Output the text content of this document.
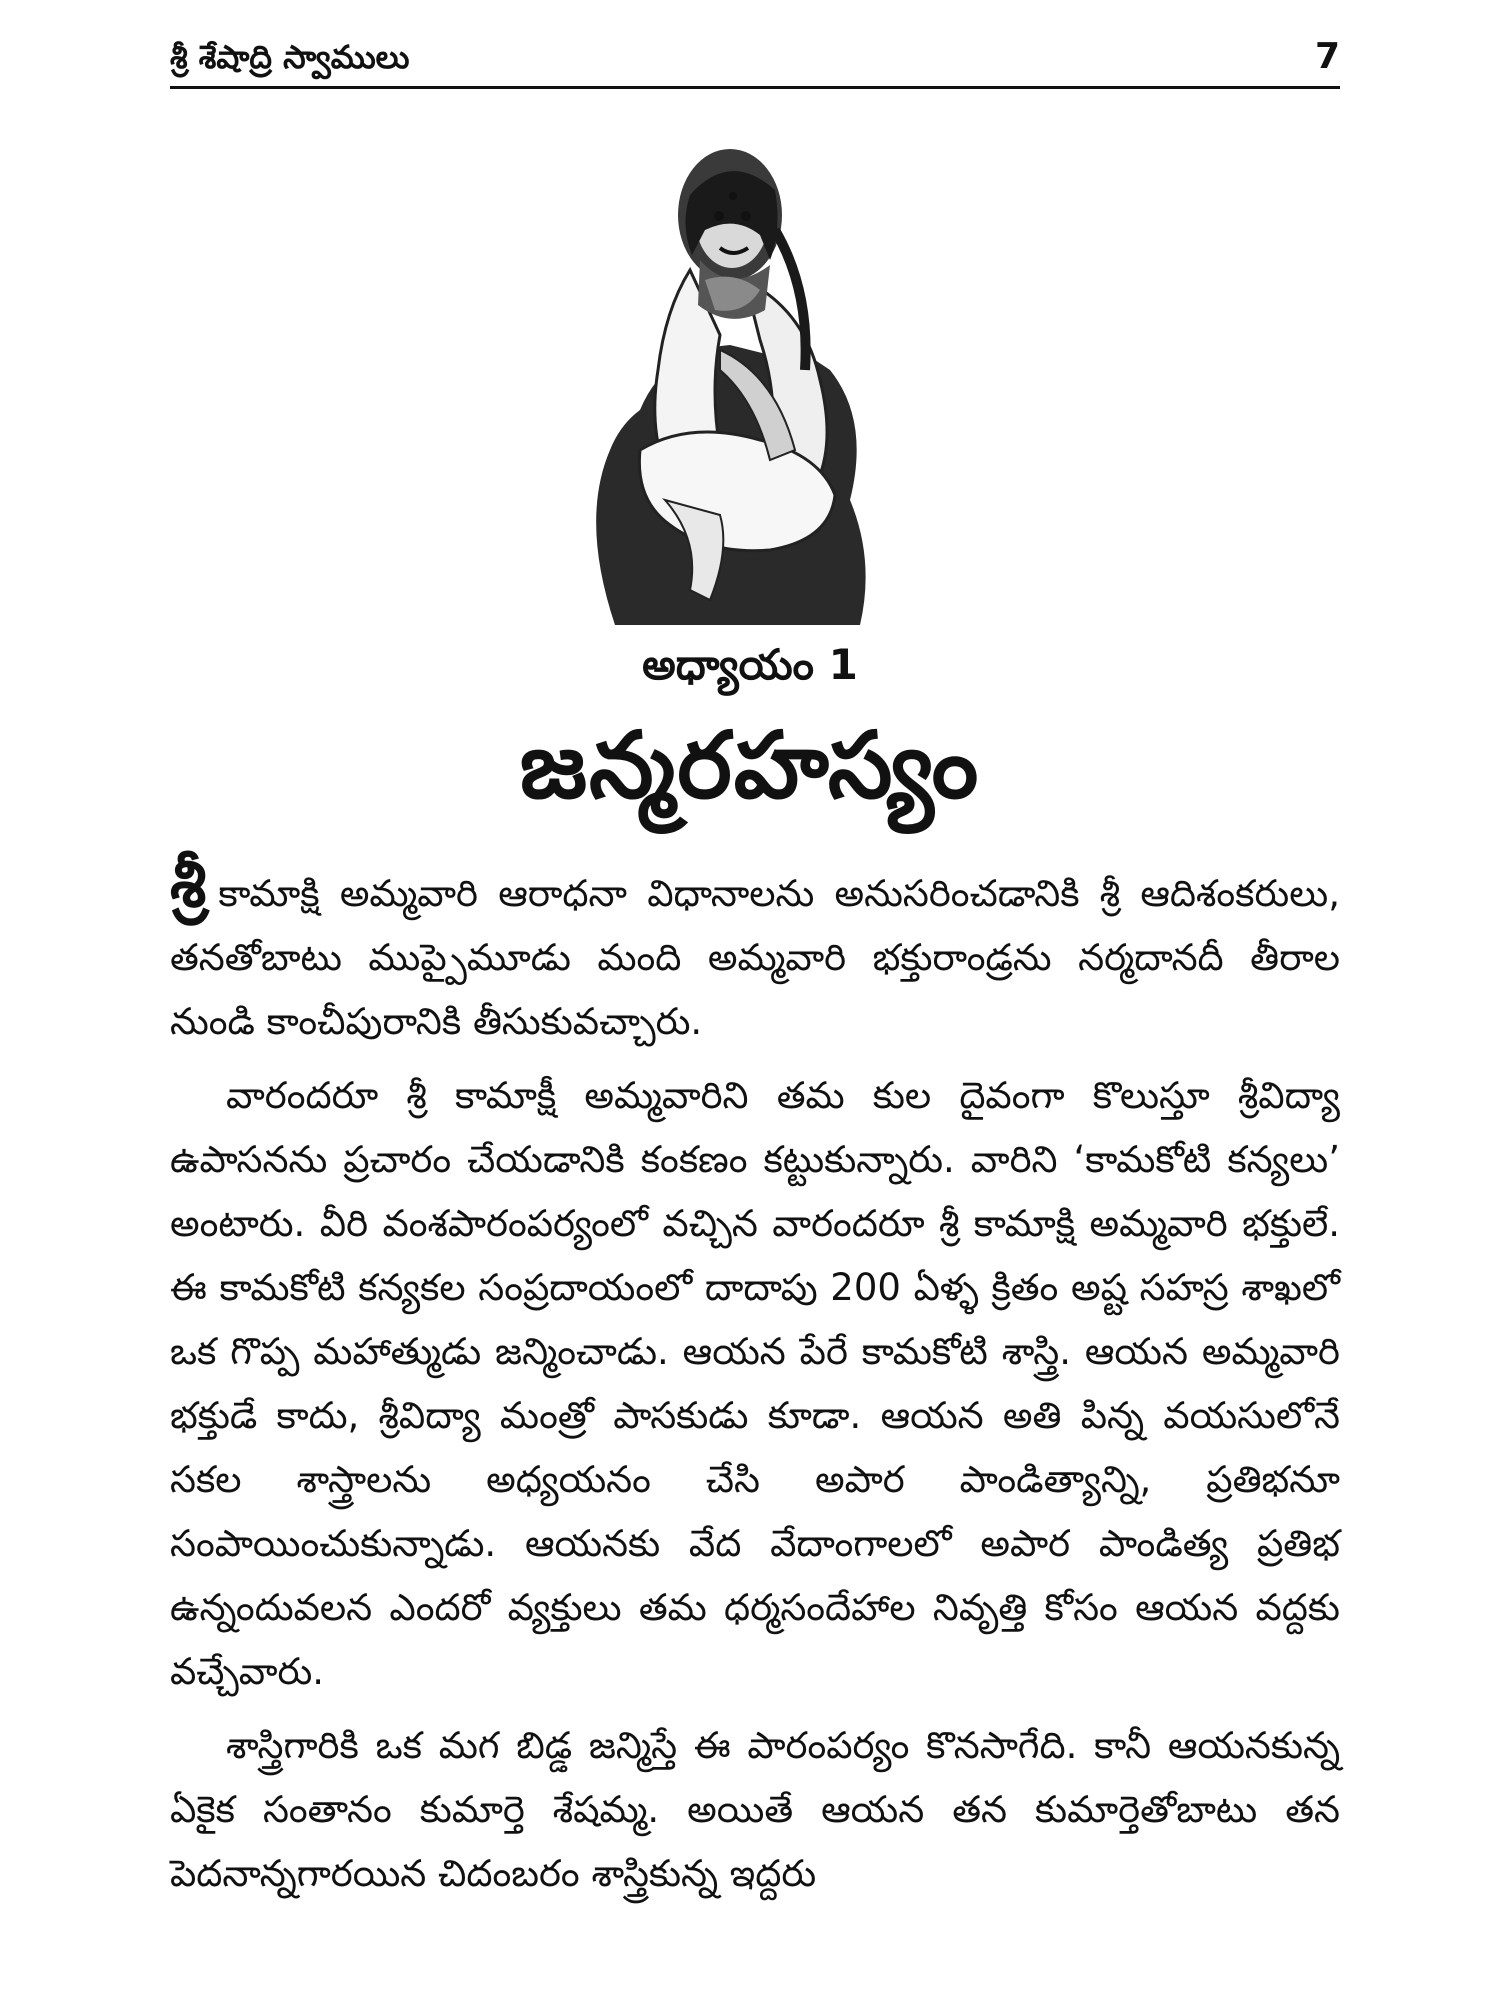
శ్రీ శేషాద్రి స్వాములు	7
అధ్యాయం 1
జన్మరహస్యం

శ్రీ కామాక్షి అమ్మవారి ఆరాధనా విధానాలను అనుసరించడానికి శ్రీ ఆదిశంకరులు, తనతోబాటు ముప్పైమూడు మంది అమ్మవారి భక్తురాండ్రను నర్మదానదీ తీరాల నుండి కాంచీపురానికి తీసుకువచ్చారు.

వారందరూ శ్రీ కామాక్షీ అమ్మవారిని తమ కుల దైవంగా కొలుస్తూ శ్రీవిద్యా ఉపాసనను ప్రచారం చేయడానికి కంకణం కట్టుకున్నారు. వారిని ‘కామకోటి కన్యలు’ అంటారు. వీరి వంశపారంపర్యంలో వచ్చిన వారందరూ శ్రీ కామాక్షి అమ్మవారి భక్తులే. ఈ కామకోటి కన్యకల సంప్రదాయంలో దాదాపు 200 ఏళ్ళ క్రితం అష్ట సహస్ర శాఖలో ఒక గొప్ప మహాత్ముడు జన్మించాడు. ఆయన పేరే కామకోటి శాస్త్రి. ఆయన అమ్మవారి భక్తుడే కాదు, శ్రీవిద్యా మంత్రో పాసకుడు కూడా. ఆయన అతి పిన్న వయసులోనే సకల శాస్త్రాలను అధ్యయనం చేసి అపార పాండిత్యాన్ని, ప్రతిభనూ సంపాయించుకున్నాడు. ఆయనకు వేద వేదాంగాలలో అపార పాండిత్య ప్రతిభ ఉన్నందువలన ఎందరో వ్యక్తులు తమ ధర్మసందేహాల నివృత్తి కోసం ఆయన వద్దకు వచ్చేవారు.

శాస్త్రిగారికి ఒక మగ బిడ్డ జన్మిస్తే ఈ పారంపర్యం కొనసాగేది. కానీ ఆయనకున్న ఏకైక సంతానం కుమార్తె శేషమ్మ. అయితే ఆయన తన కుమార్తెతోబాటు తన పెదనాన్నగారయిన చిదంబరం శాస్త్రికున్న ఇద్దరు
